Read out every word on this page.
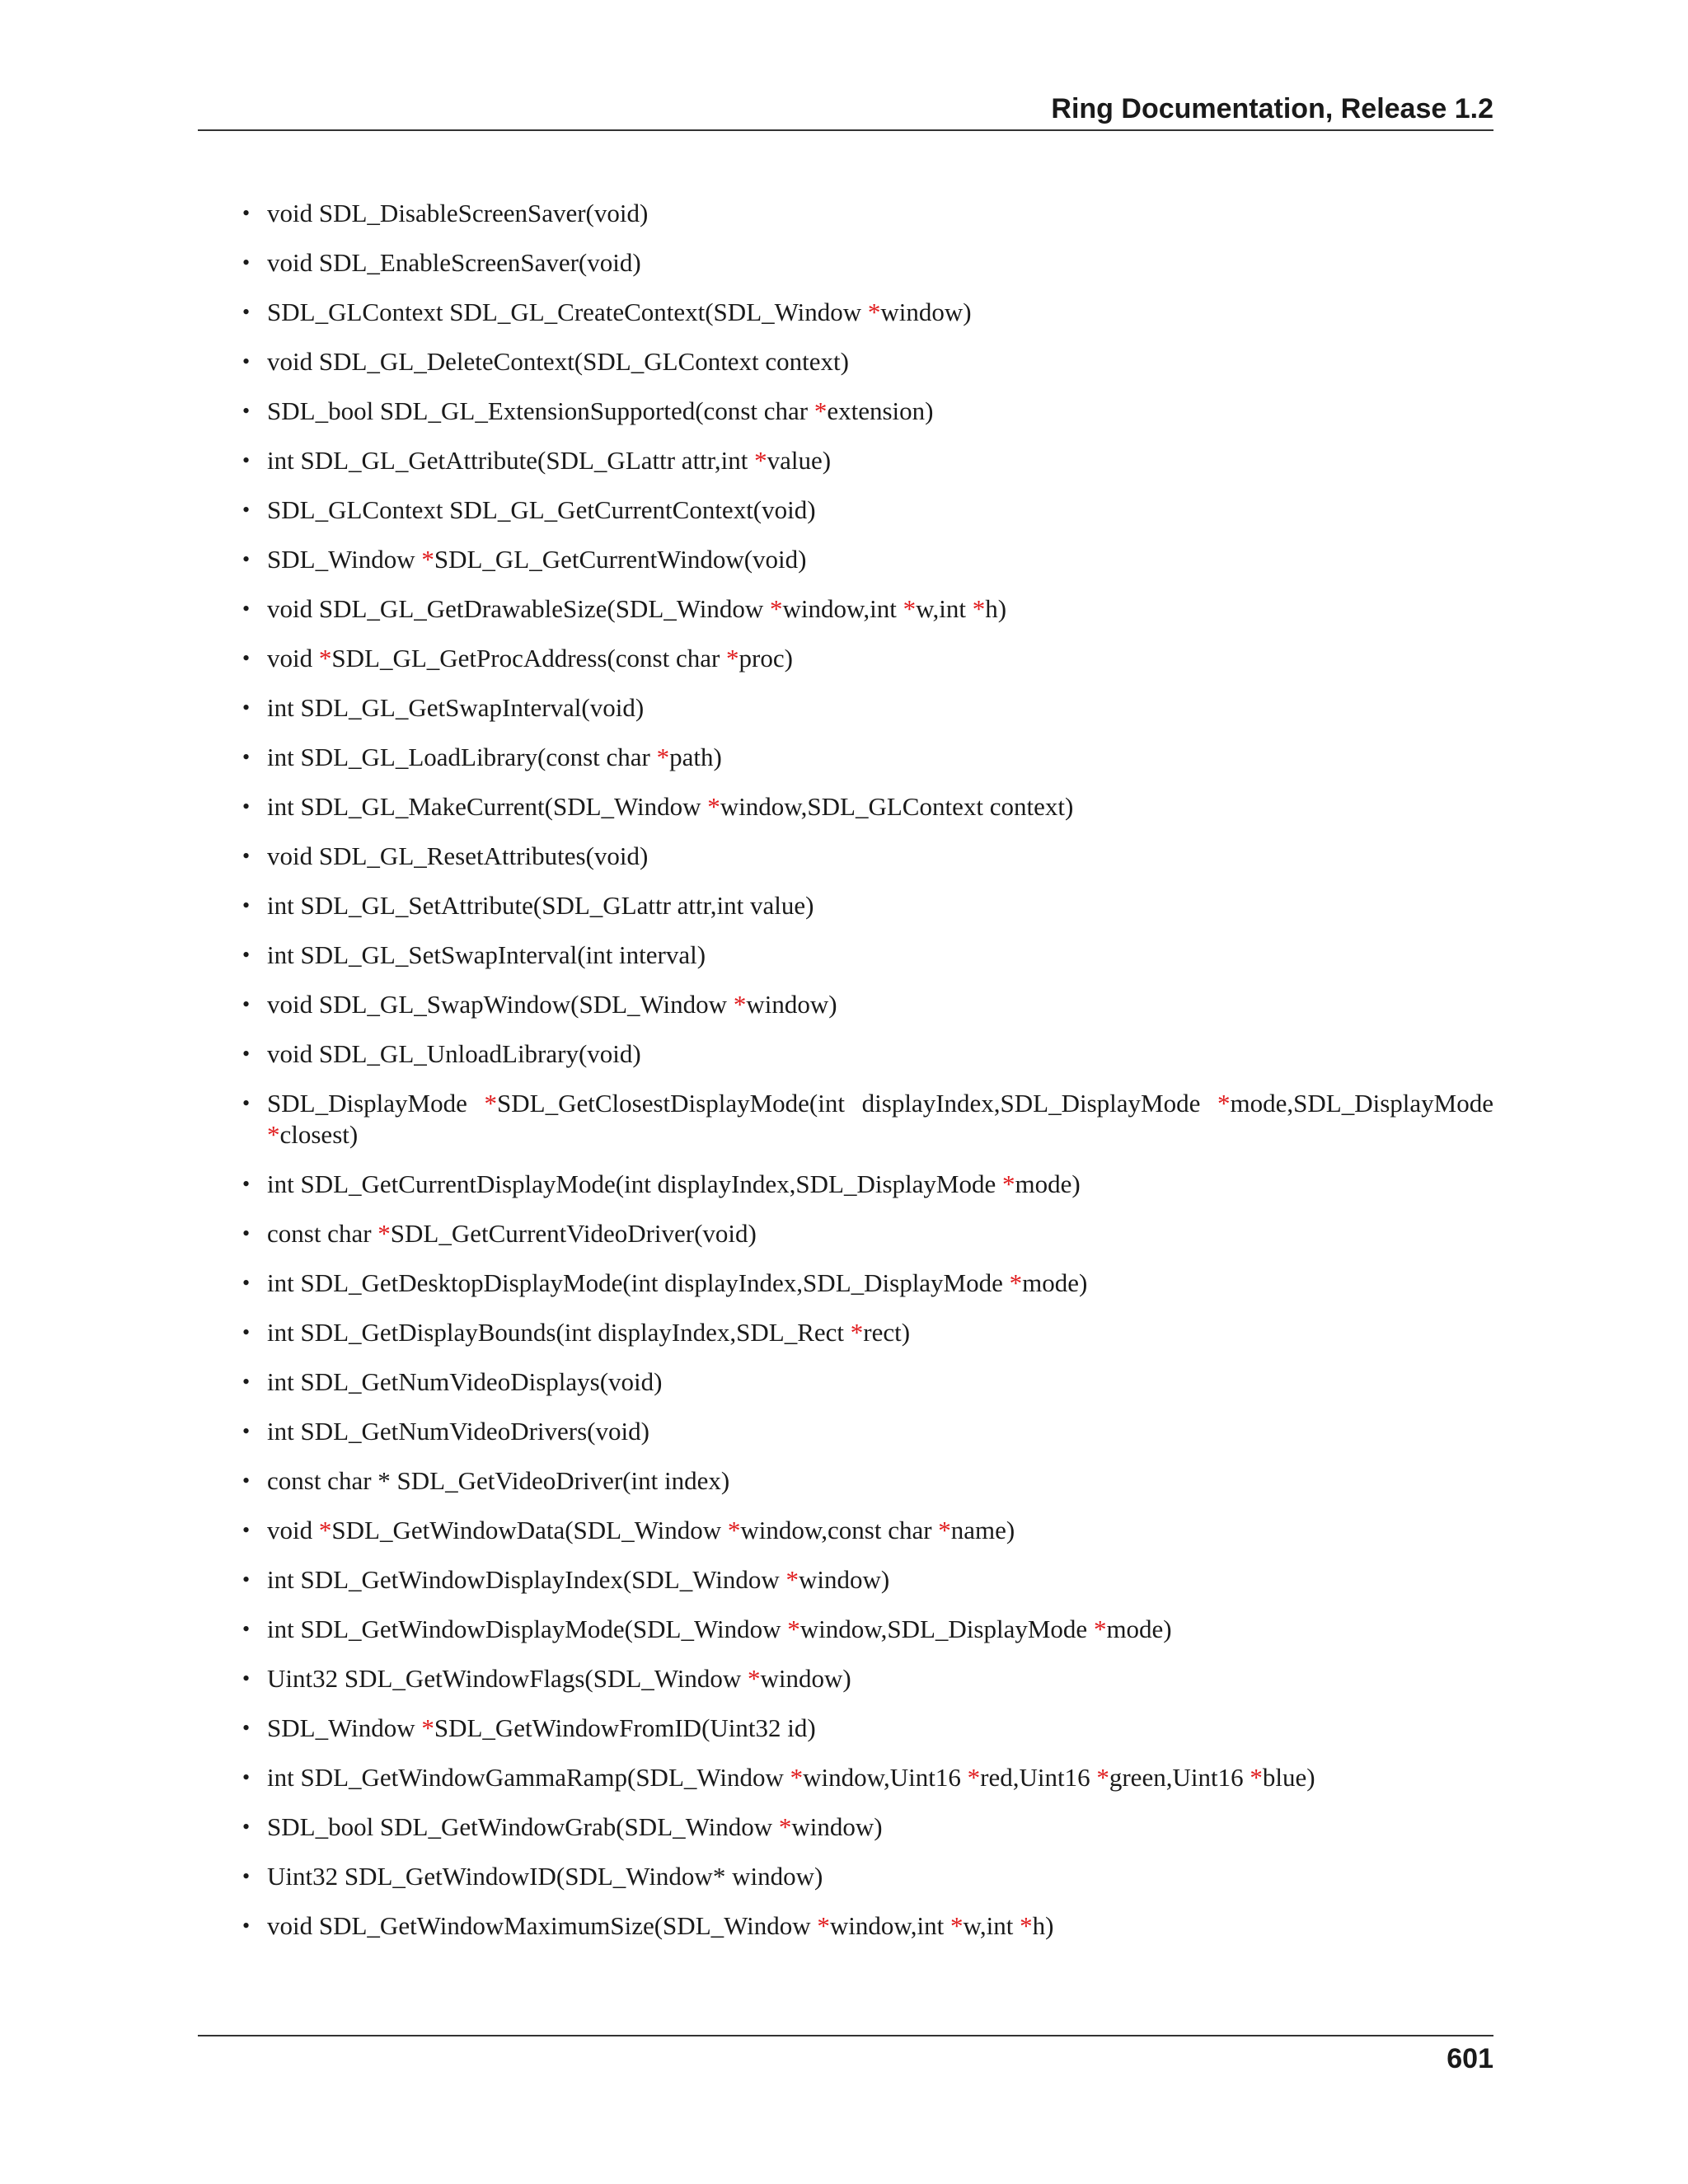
Ring Documentation, Release 1.2
• void SDL_DisableScreenSaver(void)
• void SDL_EnableScreenSaver(void)
• SDL_GLContext SDL_GL_CreateContext(SDL_Window *window)
• void SDL_GL_DeleteContext(SDL_GLContext context)
• SDL_bool SDL_GL_ExtensionSupported(const char *extension)
• int SDL_GL_GetAttribute(SDL_GLattr attr,int *value)
• SDL_GLContext SDL_GL_GetCurrentContext(void)
• SDL_Window *SDL_GL_GetCurrentWindow(void)
• void SDL_GL_GetDrawableSize(SDL_Window *window,int *w,int *h)
• void *SDL_GL_GetProcAddress(const char *proc)
• int SDL_GL_GetSwapInterval(void)
• int SDL_GL_LoadLibrary(const char *path)
• int SDL_GL_MakeCurrent(SDL_Window *window,SDL_GLContext context)
• void SDL_GL_ResetAttributes(void)
• int SDL_GL_SetAttribute(SDL_GLattr attr,int value)
• int SDL_GL_SetSwapInterval(int interval)
• void SDL_GL_SwapWindow(SDL_Window *window)
• void SDL_GL_UnloadLibrary(void)
• SDL_DisplayMode *SDL_GetClosestDisplayMode(int displayIndex,SDL_DisplayMode *mode,SDL_DisplayMode *closest)
• int SDL_GetCurrentDisplayMode(int displayIndex,SDL_DisplayMode *mode)
• const char *SDL_GetCurrentVideoDriver(void)
• int SDL_GetDesktopDisplayMode(int displayIndex,SDL_DisplayMode *mode)
• int SDL_GetDisplayBounds(int displayIndex,SDL_Rect *rect)
• int SDL_GetNumVideoDisplays(void)
• int SDL_GetNumVideoDrivers(void)
• const char * SDL_GetVideoDriver(int index)
• void *SDL_GetWindowData(SDL_Window *window,const char *name)
• int SDL_GetWindowDisplayIndex(SDL_Window *window)
• int SDL_GetWindowDisplayMode(SDL_Window *window,SDL_DisplayMode *mode)
• Uint32 SDL_GetWindowFlags(SDL_Window *window)
• SDL_Window *SDL_GetWindowFromID(Uint32 id)
• int SDL_GetWindowGammaRamp(SDL_Window *window,Uint16 *red,Uint16 *green,Uint16 *blue)
• SDL_bool SDL_GetWindowGrab(SDL_Window *window)
• Uint32 SDL_GetWindowID(SDL_Window* window)
• void SDL_GetWindowMaximumSize(SDL_Window *window,int *w,int *h)
601
